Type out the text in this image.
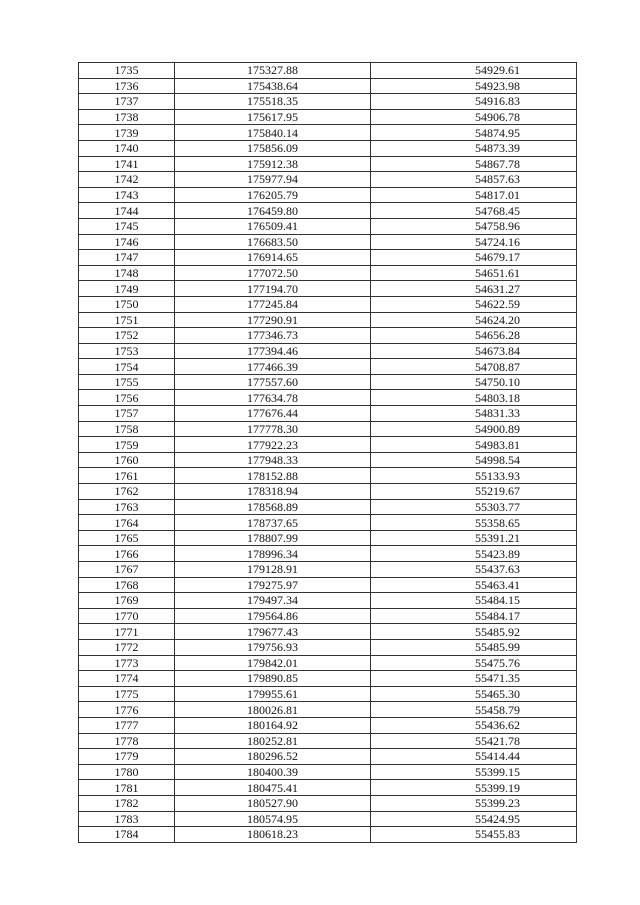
1735	175327.88	54929.61
1736	175438.64	54923.98
1737	175518.35	54916.83
1738	175617.95	54906.78
1739	175840.14	54874.95
1740	175856.09	54873.39
1741	175912.38	54867.78
1742	175977.94	54857.63
1743	176205.79	54817.01
1744	176459.80	54768.45
1745	176509.41	54758.96
1746	176683.50	54724.16
1747	176914.65	54679.17
1748	177072.50	54651.61
1749	177194.70	54631.27
1750	177245.84	54622.59
1751	177290.91	54624.20
1752	177346.73	54656.28
1753	177394.46	54673.84
1754	177466.39	54708.87
1755	177557.60	54750.10
1756	177634.78	54803.18
1757	177676.44	54831.33
1758	177778.30	54900.89
1759	177922.23	54983.81
1760	177948.33	54998.54
1761	178152.88	55133.93
1762	178318.94	55219.67
1763	178568.89	55303.77
1764	178737.65	55358.65
1765	178807.99	55391.21
1766	178996.34	55423.89
1767	179128.91	55437.63
1768	179275.97	55463.41
1769	179497.34	55484.15
1770	179564.86	55484.17
1771	179677.43	55485.92
1772	179756.93	55485.99
1773	179842.01	55475.76
1774	179890.85	55471.35
1775	179955.61	55465.30
1776	180026.81	55458.79
1777	180164.92	55436.62
1778	180252.81	55421.78
1779	180296.52	55414.44
1780	180400.39	55399.15
1781	180475.41	55399.19
1782	180527.90	55399.23
1783	180574.95	55424.95
1784	180618.23	55455.83
